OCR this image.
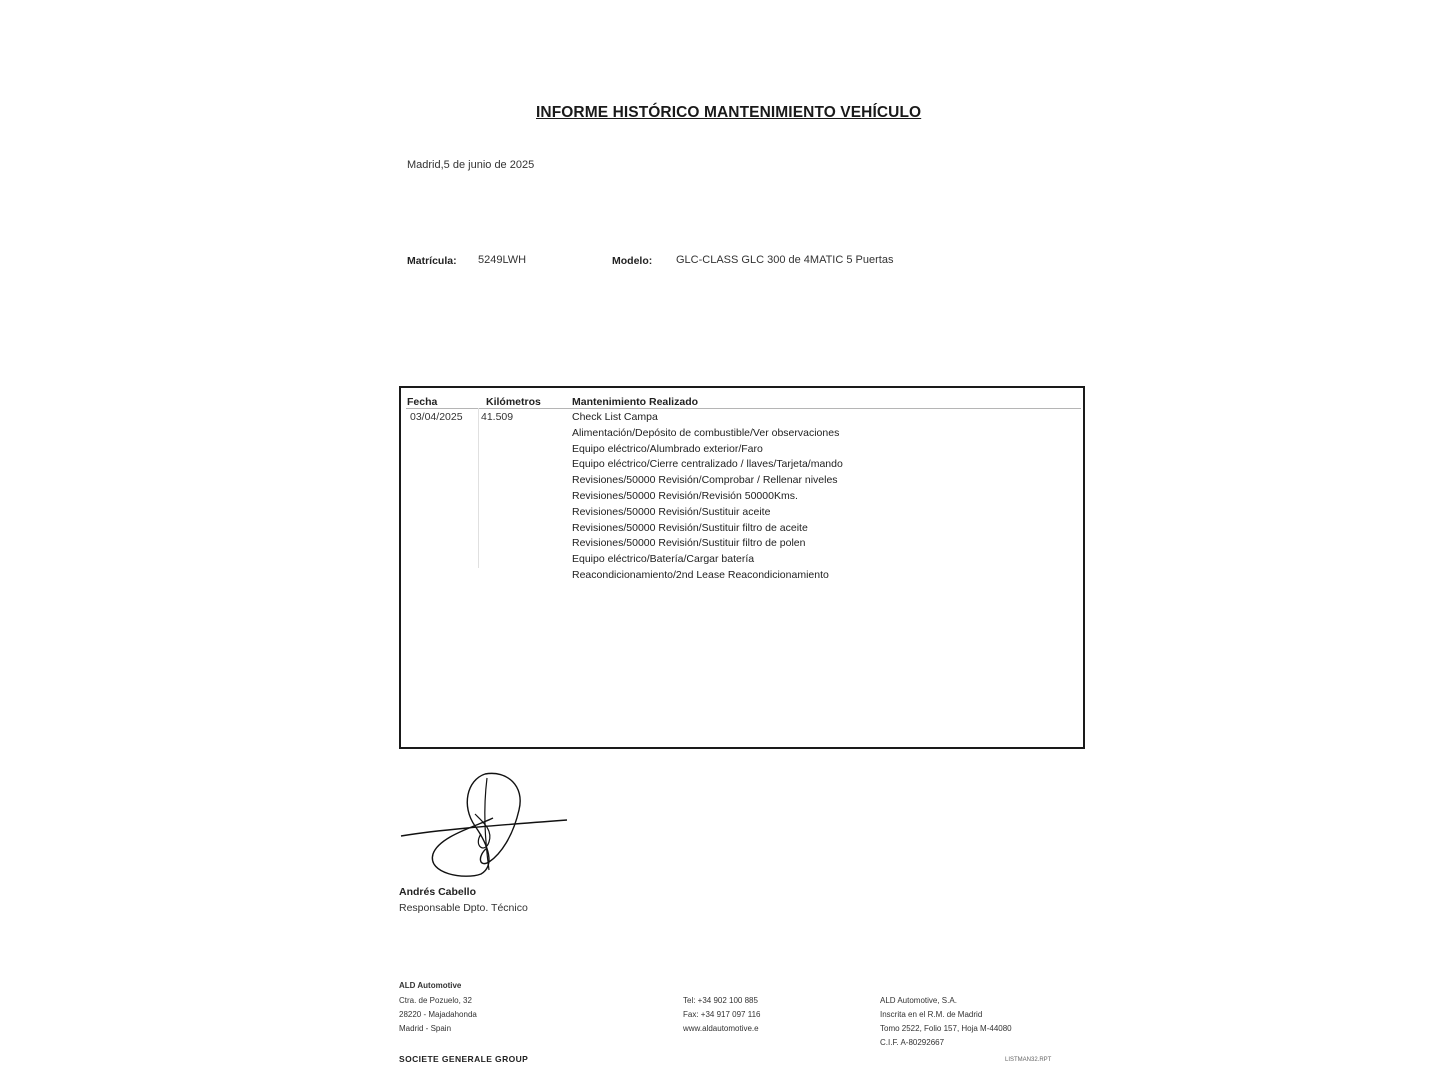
INFORME HISTÓRICO MANTENIMIENTO VEHÍCULO
Madrid,5 de junio de 2025
Matrícula: 5249LWH	Modelo: GLC-CLASS GLC 300 de 4MATIC 5 Puertas
Fecha	Kilómetros	Mantenimiento Realizado
03/04/2025 41.509	Check List Campa
Alimentación/Depósito de combustible/Ver observaciones
Equipo eléctrico/Alumbrado exterior/Faro
Equipo eléctrico/Cierre centralizado / llaves/Tarjeta/mando
Revisiones/50000 Revisión/Comprobar / Rellenar niveles
Revisiones/50000 Revisión/Revisión 50000Kms.
Revisiones/50000 Revisión/Sustituir aceite
Revisiones/50000 Revisión/Sustituir filtro de aceite
Revisiones/50000 Revisión/Sustituir filtro de polen
Equipo eléctrico/Batería/Cargar batería
Reacondicionamiento/2nd Lease Reacondicionamiento
Andrés Cabello
Responsable Dpto. Técnico
ALD Automotive
Ctra. de Pozuelo, 32
28220 - Majadahonda
Madrid - Spain
Tel: +34 902 100 885
Fax: +34 917 097 116
www.aldautomotive.e
ALD Automotive, S.A.
Inscrita en el R.M. de Madrid
Tomo 2522, Folio 157, Hoja M-44080
C.I.F. A-80292667
SOCIETE GENERALE GROUP	LISTMAN32.RPT
